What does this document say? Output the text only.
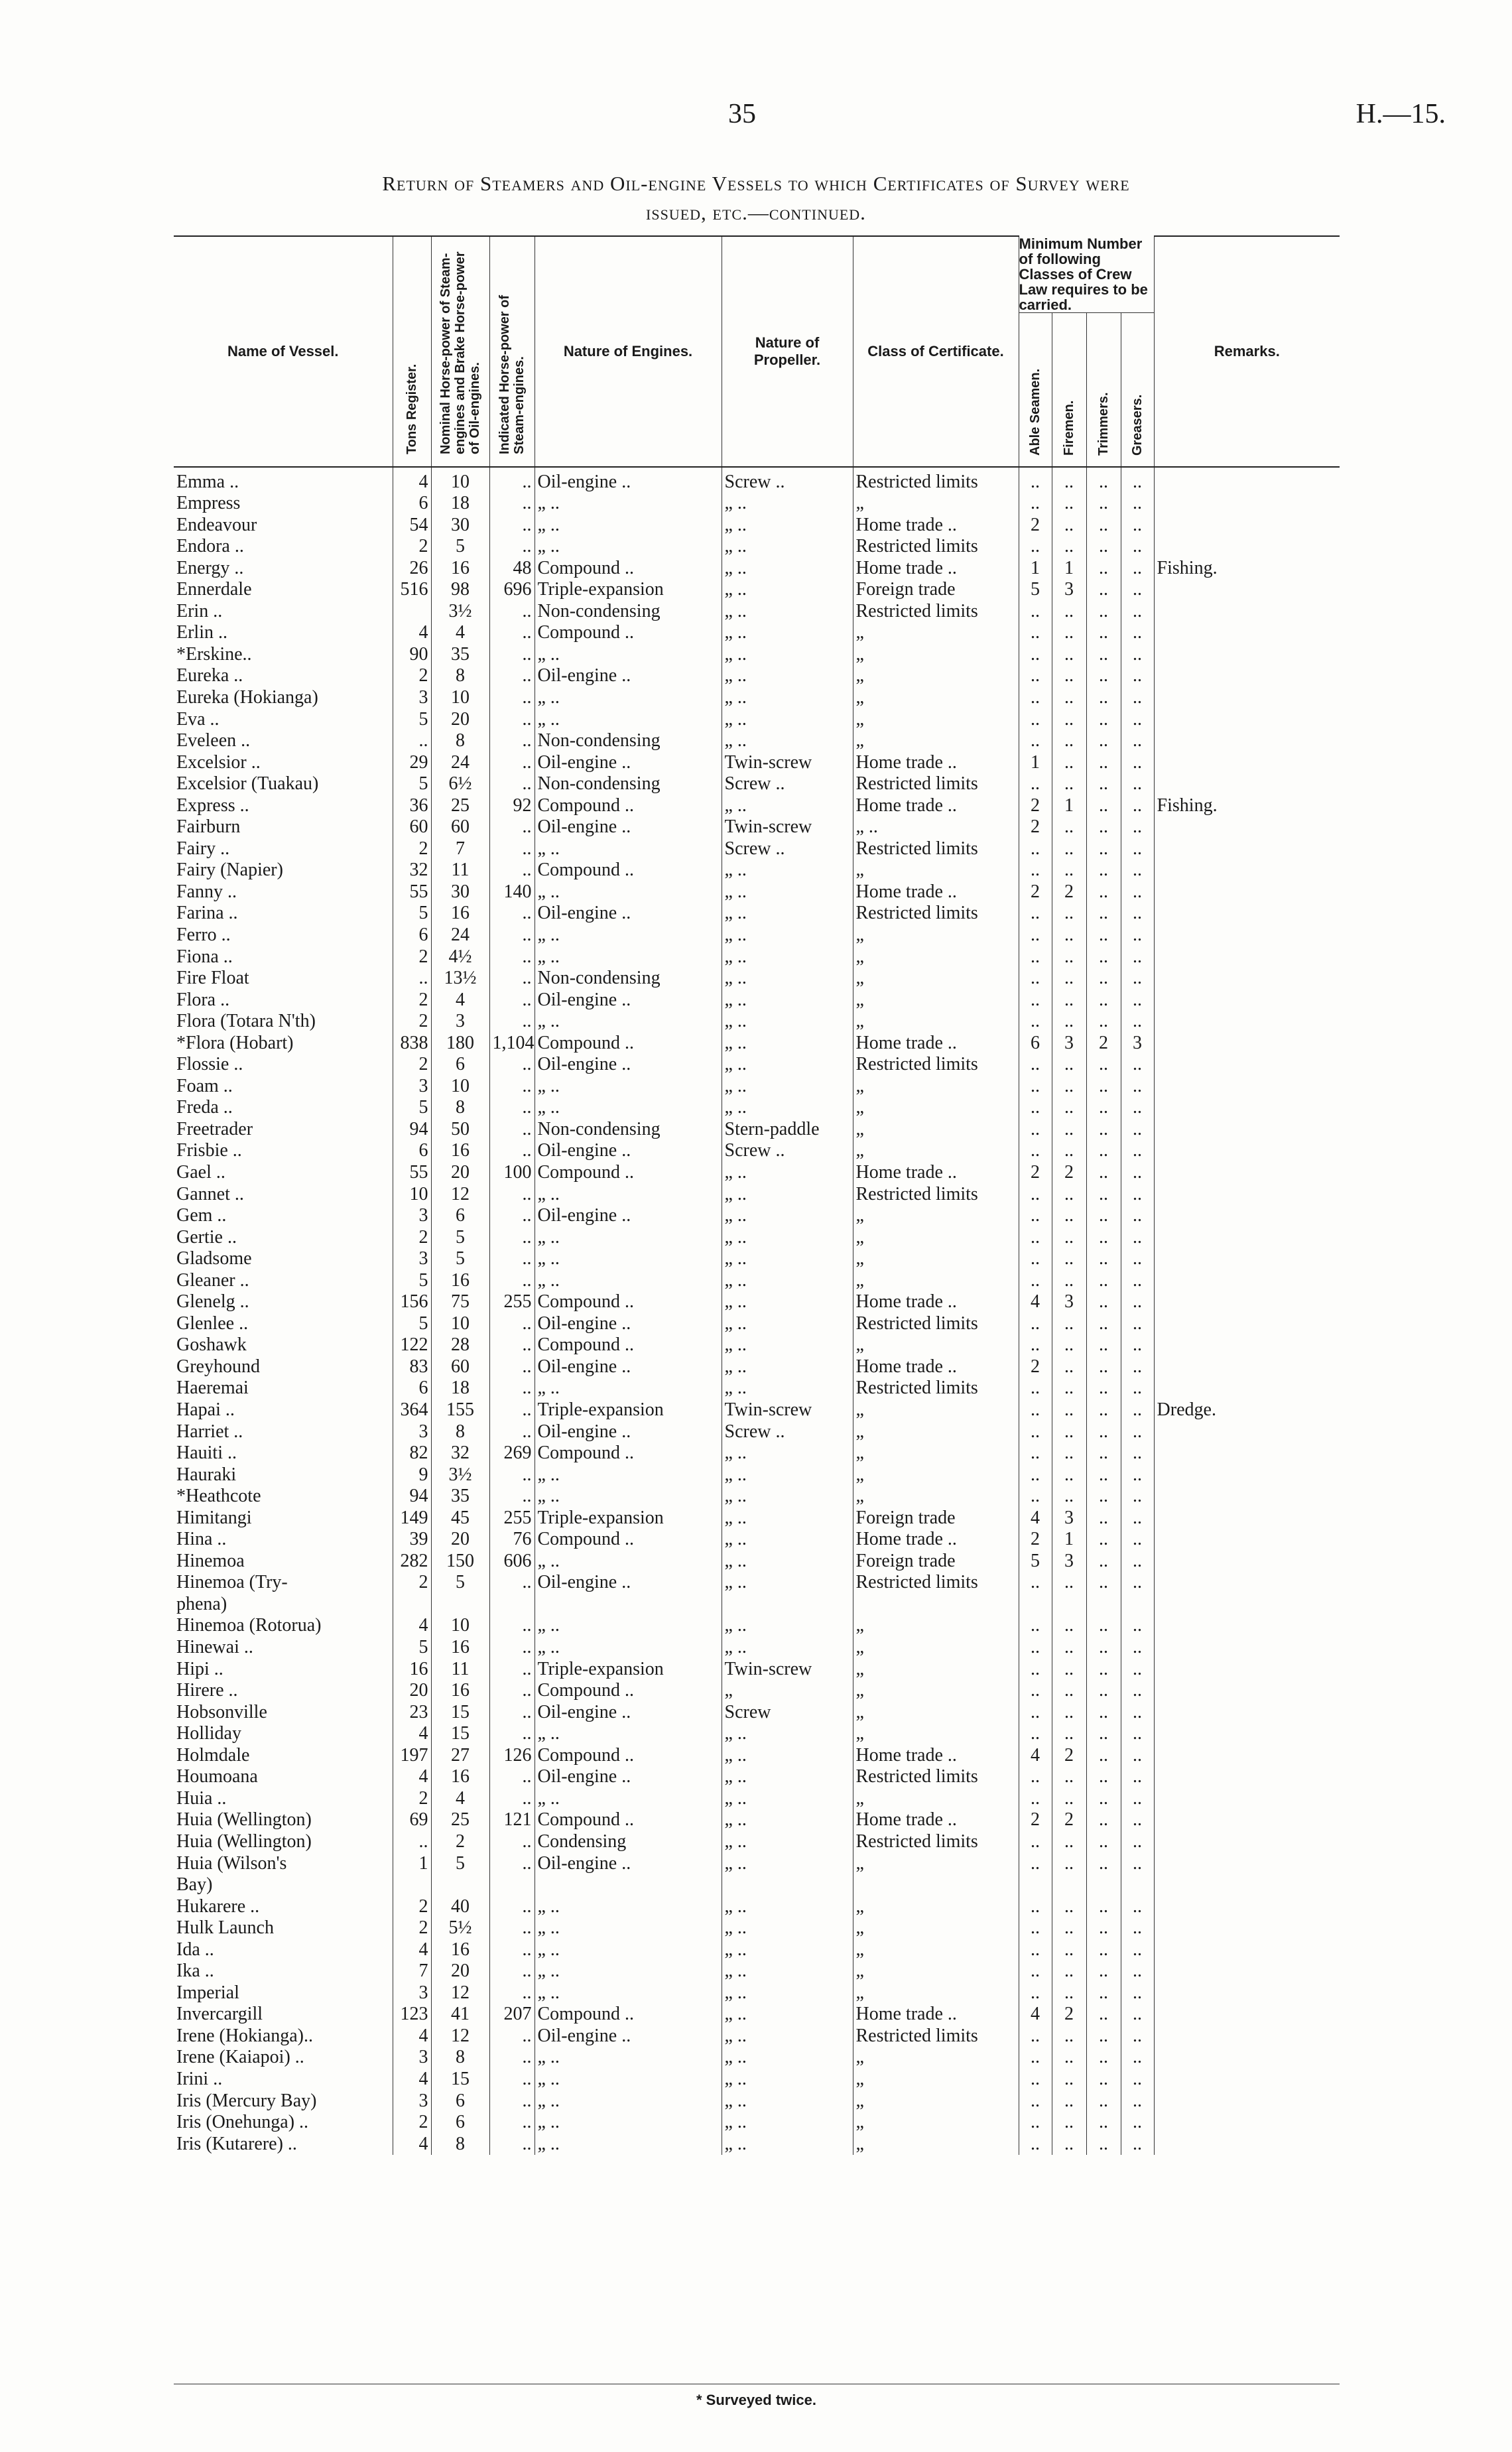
35	H.—15.
Return of Steamers and Oil-engine Vessels to which Certificates of Survey were
issued, etc.—continued.
Name of Vessel.	Tons Register.	Nominal Horse-power of Steam-engines and Brake Horse-power of Oil-engines.	Indicated Horse-power of Steam-engines.	Nature of Engines.	Nature of Propeller.	Class of Certificate.	Minimum Number of following Classes of Crew Law requires to be carried.				Remarks.

							Able Seamen.	Firemen.	Trimmers.	Greasers.	

Emma ..	4	10	..	Oil-engine ..	Screw ..	Restricted limits	..	..	..	..	
Empress	6	18	..	„ ..	„ ..	„	..	..	..	..	
Endeavour	54	30	..	„ ..	„ ..	Home trade ..	2	..	..	..	
Endora ..	2	5	..	„ ..	„ ..	Restricted limits	..	..	..	..	
Energy ..	26	16	48	Compound ..	„ ..	Home trade ..	1	1	..	..	Fishing.
Ennerdale	516	98	696	Triple-expansion	„ ..	Foreign trade	5	3	..	..	
Erin ..		3½	..	Non-condensing	„ ..	Restricted limits	..	..	..	..	
Erlin ..	4	4	..	Compound ..	„ ..	„	..	..	..	..	
*Erskine..	90	35	..	„ ..	„ ..	„	..	..	..	..	
Eureka ..	2	8	..	Oil-engine ..	„ ..	„	..	..	..	..	
Eureka (Hokianga)	3	10	..	„ ..	„ ..	„	..	..	..	..	
Eva ..	5	20	..	„ ..	„ ..	„	..	..	..	..	
Eveleen ..	..	8	..	Non-condensing	„ ..	„	..	..	..	..	
Excelsior ..	29	24	..	Oil-engine ..	Twin-screw	Home trade ..	1	..	..	..	
Excelsior (Tuakau)	5	6½	..	Non-condensing	Screw ..	Restricted limits	..	..	..	..	
Express ..	36	25	92	Compound ..	„ ..	Home trade ..	2	1	..	..	Fishing.
Fairburn	60	60	..	Oil-engine ..	Twin-screw	„ ..	2	..	..	..	
Fairy ..	2	7	..	„ ..	Screw ..	Restricted limits	..	..	..	..	
Fairy (Napier)	32	11	..	Compound ..	„ ..	„	..	..	..	..	
Fanny ..	55	30	140	„ ..	„ ..	Home trade ..	2	2	..	..	
Farina ..	5	16	..	Oil-engine ..	„ ..	Restricted limits	..	..	..	..	
Ferro ..	6	24	..	„ ..	„ ..	„	..	..	..	..	
Fiona ..	2	4½	..	„ ..	„ ..	„	..	..	..	..	
Fire Float	..	13½	..	Non-condensing	„ ..	„	..	..	..	..	
Flora ..	2	4	..	Oil-engine ..	„ ..	„	..	..	..	..	
Flora (Totara N'th)	2	3	..	„ ..	„ ..	„	..	..	..	..	
*Flora (Hobart)	838	180	1,104	Compound ..	„ ..	Home trade ..	6	3	2	3	
Flossie ..	2	6	..	Oil-engine ..	„ ..	Restricted limits	..	..	..	..	
Foam ..	3	10	..	„ ..	„ ..	„	..	..	..	..	
Freda ..	5	8	..	„ ..	„ ..	„	..	..	..	..	
Freetrader	94	50	..	Non-condensing	Stern-paddle	„	..	..	..	..	
Frisbie ..	6	16	..	Oil-engine ..	Screw ..	„	..	..	..	..	
Gael ..	55	20	100	Compound ..	„ ..	Home trade ..	2	2	..	..	
Gannet ..	10	12	..	„ ..	„ ..	Restricted limits	..	..	..	..	
Gem ..	3	6	..	Oil-engine ..	„ ..	„	..	..	..	..	
Gertie ..	2	5	..	„ ..	„ ..	„	..	..	..	..	
Gladsome	3	5	..	„ ..	„ ..	„	..	..	..	..	
Gleaner ..	5	16	..	„ ..	„ ..	„	..	..	..	..	
Glenelg ..	156	75	255	Compound ..	„ ..	Home trade ..	4	3	..	..	
Glenlee ..	5	10	..	Oil-engine ..	„ ..	Restricted limits	..	..	..	..	
Goshawk	122	28	..	Compound ..	„ ..	„	..	..	..	..	
Greyhound	83	60	..	Oil-engine ..	„ ..	Home trade ..	2	..	..	..	
Haeremai	6	18	..	„ ..	„ ..	Restricted limits	..	..	..	..	
Hapai ..	364	155	..	Triple-expansion	Twin-screw	„	..	..	..	..	Dredge.
Harriet ..	3	8	..	Oil-engine ..	Screw ..	„	..	..	..	..	
Hauiti ..	82	32	269	Compound ..	„ ..	„	..	..	..	..	
Hauraki	9	3½	..	„ ..	„ ..	„	..	..	..	..	
*Heathcote	94	35	..	„ ..	„ ..	„	..	..	..	..	
Himitangi	149	45	255	Triple-expansion	„ ..	Foreign trade	4	3	..	..	
Hina ..	39	20	76	Compound ..	„ ..	Home trade ..	2	1	..	..	
Hinemoa	282	150	606	„ ..	„ ..	Foreign trade	5	3	..	..	
Hinemoa (Try-	2	5	..	Oil-engine ..	„ ..	Restricted limits	..	..	..	..	
phena)											
Hinemoa (Rotorua)	4	10	..	„ ..	„ ..	„	..	..	..	..	
Hinewai ..	5	16	..	„ ..	„ ..	„	..	..	..	..	
Hipi ..	16	11	..	Triple-expansion	Twin-screw	„	..	..	..	..	
Hirere ..	20	16	..	Compound ..	„	„	..	..	..	..	
Hobsonville	23	15	..	Oil-engine ..	Screw	„	..	..	..	..	
Holliday	4	15	..	„ ..	„ ..	„	..	..	..	..	
Holmdale	197	27	126	Compound ..	„ ..	Home trade ..	4	2	..	..	
Houmoana	4	16	..	Oil-engine ..	„ ..	Restricted limits	..	..	..	..	
Huia ..	2	4	..	„ ..	„ ..	„	..	..	..	..	
Huia (Wellington)	69	25	121	Compound ..	„ ..	Home trade ..	2	2	..	..	
Huia (Wellington)	..	2	..	Condensing	„ ..	Restricted limits	..	..	..	..	
Huia (Wilson's	1	5	..	Oil-engine ..	„ ..	„	..	..	..	..	
Bay)											
Hukarere ..	2	40	..	„ ..	„ ..	„	..	..	..	..	
Hulk Launch	2	5½	..	„ ..	„ ..	„	..	..	..	..	
Ida ..	4	16	..	„ ..	„ ..	„	..	..	..	..	
Ika ..	7	20	..	„ ..	„ ..	„	..	..	..	..	
Imperial	3	12	..	„ ..	„ ..	„	..	..	..	..	
Invercargill	123	41	207	Compound ..	„ ..	Home trade ..	4	2	..	..	
Irene (Hokianga)..	4	12	..	Oil-engine ..	„ ..	Restricted limits	..	..	..	..	
Irene (Kaiapoi) ..	3	8	..	„ ..	„ ..	„	..	..	..	..	
Irini ..	4	15	..	„ ..	„ ..	„	..	..	..	..	
Iris (Mercury Bay)	3	6	..	„ ..	„ ..	„	..	..	..	..	
Iris (Onehunga) ..	2	6	..	„ ..	„ ..	„	..	..	..	..	
Iris (Kutarere) ..	4	8	..	„ ..	„ ..	„	..	..	..	..	
* Surveyed twice.
